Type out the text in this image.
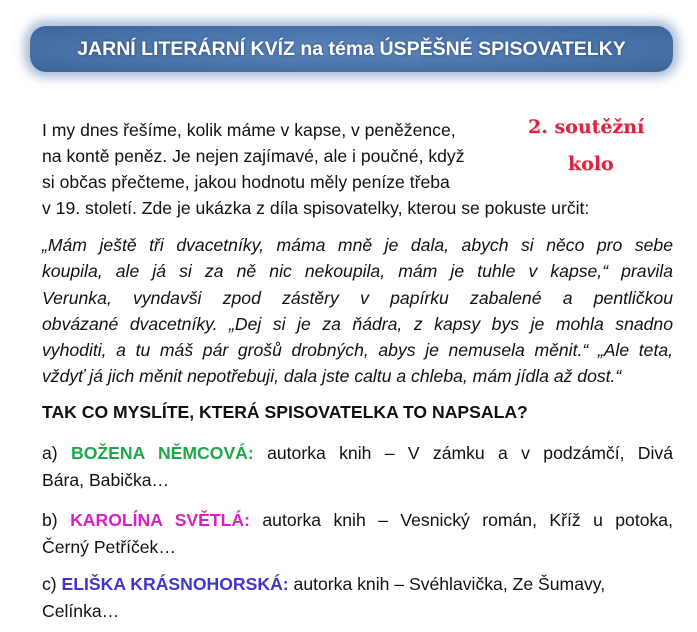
JARNÍ LITERÁRNÍ KVÍZ na téma ÚSPĚŠNÉ SPISOVATELKY
I my dnes řešíme, kolik máme v kapse, v peněžence,
na kontě peněz. Je nejen zajímavé, ale i poučné, když
si občas přečteme, jakou hodnotu měly peníze třeba
v 19. století. Zde je ukázka z díla spisovatelky, kterou se pokuste určit:
2. soutěžní
kolo
„Mám ještě tři dvacetníky, máma mně je dala, abych si něco pro sebe
koupila, ale já si za ně nic nekoupila, mám je tuhle v kapse,“ pravila
Verunka, vyndavši zpod zástěry v papírku zabalené a pentličkou
obvázané dvacetníky. „Dej si je za ňádra, z kapsy bys je mohla snadno
vyhoditi, a tu máš pár grošů drobných, abys je nemusela měnit.“ „Ale teta,
vždyť já jich měnit nepotřebuji, dala jste caltu a chleba, mám jídla až dost.“
TAK CO MYSLÍTE, KTERÁ SPISOVATELKA TO NAPSALA?
a) BOŽENA NĚMCOVÁ: autorka knih – V zámku a v podzámčí, Divá
Bára, Babička…
b) KAROLÍNA SVĚTLÁ: autorka knih – Vesnický román, Kříž u potoka,
Černý Petříček…
c) ELIŠKA KRÁSNOHORSKÁ: autorka knih – Svéhlavička, Ze Šumavy,
Celínka…
